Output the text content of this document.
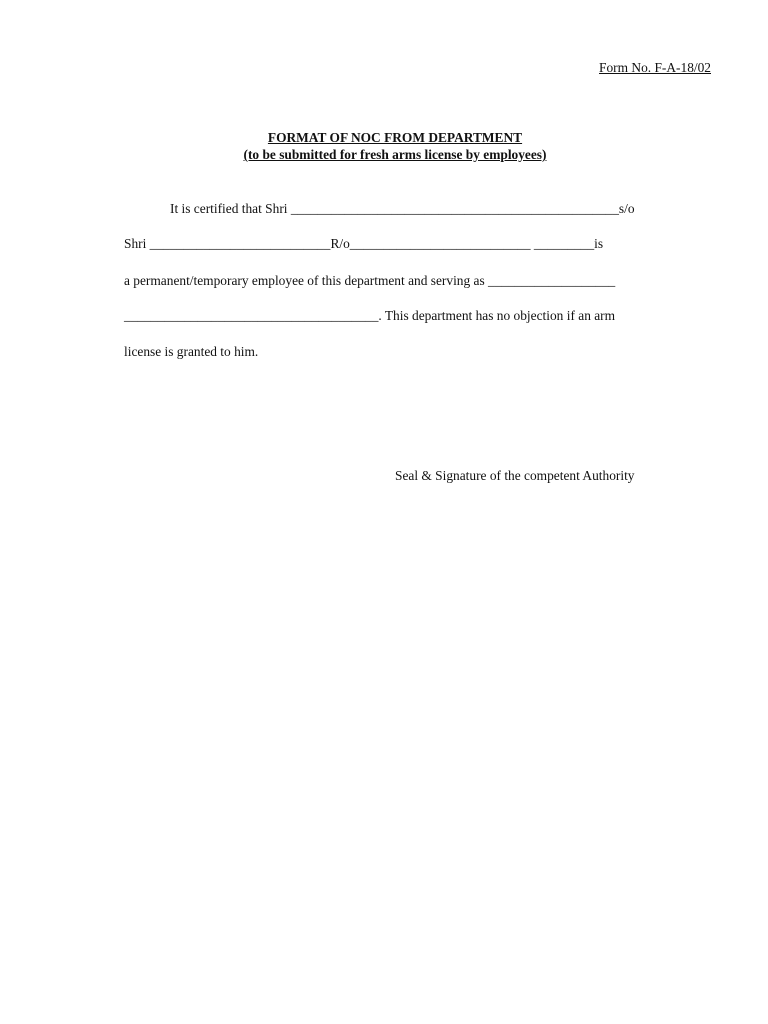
Form No. F-A-18/02
FORMAT OF NOC FROM DEPARTMENT
(to be submitted for fresh arms license by employees)
It is certified that Shri _________________________________________________s/o
Shri ___________________________R/o___________________________ _________is
a permanent/temporary employee of this department and serving as ___________________
______________________________________. This department has no objection if an arm
license is granted to him.
Seal & Signature of the competent Authority
